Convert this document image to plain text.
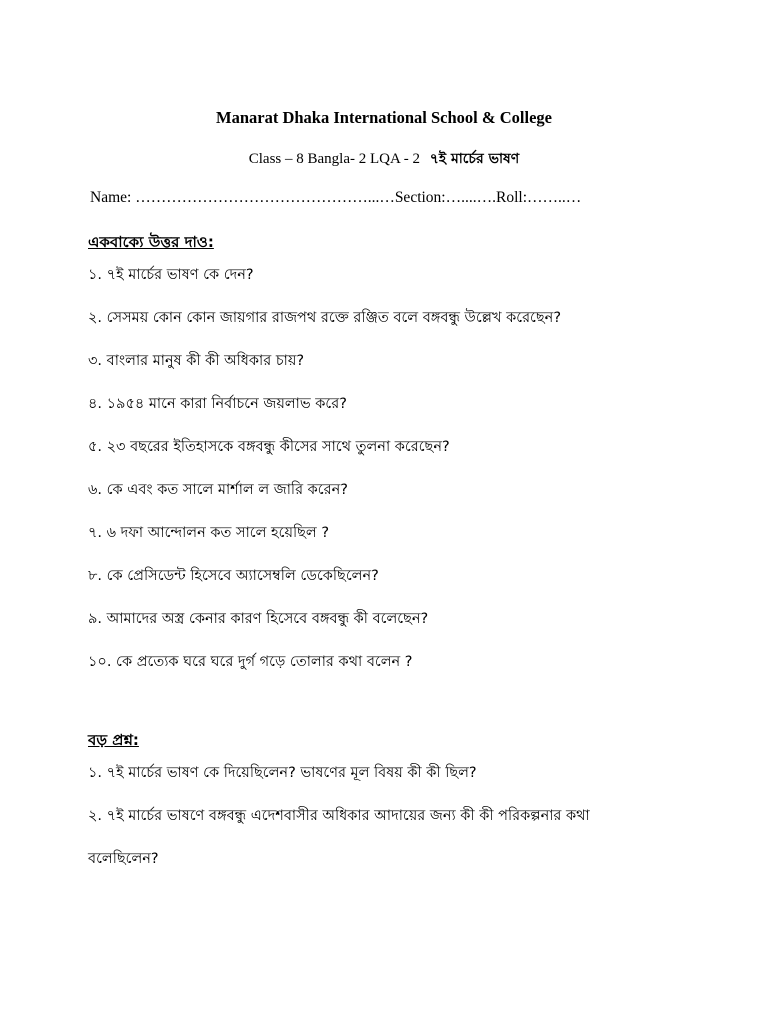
Manarat Dhaka International School & College
Class – 8 Bangla- 2 LQA - 2 ৭ই মার্চের ভাষণ
Name: ………………………………………...…Section:…....….Roll:……..…
একবাক্যে উত্তর দাও:
১. ৭ই মার্চের ভাষণ কে দেন?
২. সেসময় কোন কোন জায়গার রাজপথ রক্তে রঞ্জিত বলে বঙ্গবন্ধু উল্লেখ করেছেন?
৩. বাংলার মানুষ কী কী অধিকার চায়?
৪. ১৯৫৪ মানে কারা নির্বাচনে জয়লাভ করে?
৫. ২৩ বছরের ইতিহাসকে বঙ্গবন্ধু কীসের সাথে তুলনা করেছেন?
৬. কে এবং কত সালে মার্শাল ল জারি করেন?
৭. ৬ দফা আন্দোলন কত সালে হয়েছিল ?
৮. কে প্রেসিডেন্ট হিসেবে অ্যাসেম্বলি ডেকেছিলেন?
৯. আমাদের অস্ত্র কেনার কারণ হিসেবে বঙ্গবন্ধু কী বলেছেন?
১০. কে প্রত্যেক ঘরে ঘরে দুর্গ গড়ে তোলার কথা বলেন ?
বড় প্রশ্ন:
১. ৭ই মার্চের ভাষণ কে দিয়েছিলেন? ভাষণের মূল বিষয় কী কী ছিল?
২. ৭ই মার্চের ভাষণে বঙ্গবন্ধু এদেশবাসীর অধিকার আদায়ের জন্য কী কী পরিকল্পনার কথা
বলেছিলেন?
